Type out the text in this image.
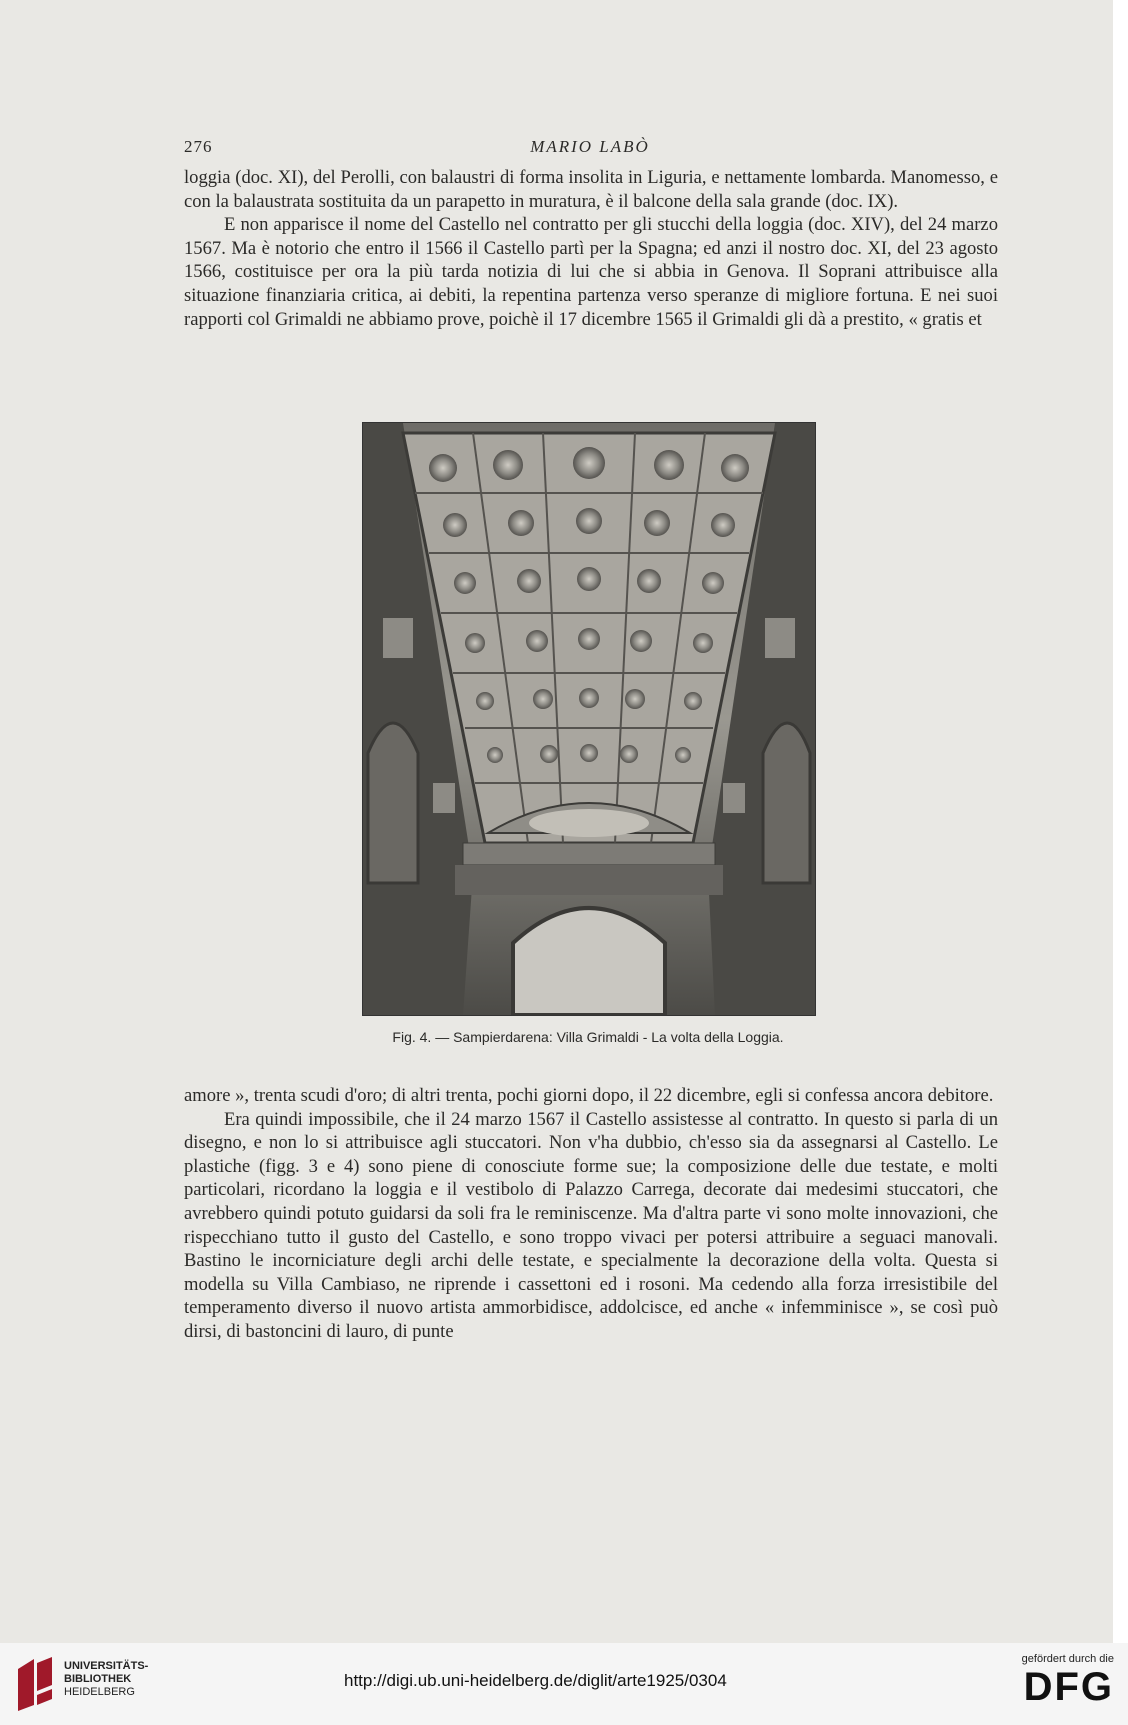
276	MARIO LABÒ

loggia (doc. XI), del Perolli, con balaustri di forma insolita in Liguria, e nettamente lombarda. Manomesso, e con la balaustrata sostituita da un parapetto in muratura, è il balcone della sala grande (doc. IX).

E non apparisce il nome del Castello nel contratto per gli stucchi della loggia (doc. XIV), del 24 marzo 1567. Ma è notorio che entro il 1566 il Castello partì per la Spagna; ed anzi il nostro doc. XI, del 23 agosto 1566, costituisce per ora la più tarda notizia di lui che si abbia in Genova. Il Soprani attribuisce alla situazione finanziaria critica, ai debiti, la repentina partenza verso speranze di migliore fortuna. E nei suoi rapporti col Grimaldi ne abbiamo prove, poichè il 17 dicembre 1565 il Grimaldi gli dà a prestito, « gratis et

Fig. 4. — Sampierdarena: Villa Grimaldi - La volta della Loggia.

amore », trenta scudi d'oro; di altri trenta, pochi giorni dopo, il 22 dicembre, egli si confessa ancora debitore.

Era quindi impossibile, che il 24 marzo 1567 il Castello assistesse al contratto. In questo si parla di un disegno, e non lo si attribuisce agli stuccatori. Non v'ha dubbio, ch'esso sia da assegnarsi al Castello. Le plastiche (figg. 3 e 4) sono piene di conosciute forme sue; la composizione delle due testate, e molti particolari, ricordano la loggia e il vestibolo di Palazzo Carrega, decorate dai medesimi stuccatori, che avrebbero quindi potuto guidarsi da soli fra le reminiscenze. Ma d'altra parte vi sono molte innovazioni, che rispecchiano tutto il gusto del Castello, e sono troppo vivaci per potersi attribuire a seguaci manovali. Bastino le incorniciature degli archi delle testate, e specialmente la decorazione della volta. Questa si modella su Villa Cambiaso, ne riprende i cassettoni ed i rosoni. Ma cedendo alla forza irresistibile del temperamento diverso il nuovo artista ammorbidisce, addolcisce, ed anche « infemminisce », se così può dirsi, di bastoncini di lauro, di punte

UNIVERSITÄTS-
BIBLIOTHEK
HEIDELBERG
http://digi.ub.uni-heidelberg.de/diglit/arte1925/0304
gefördert durch die
DFG
